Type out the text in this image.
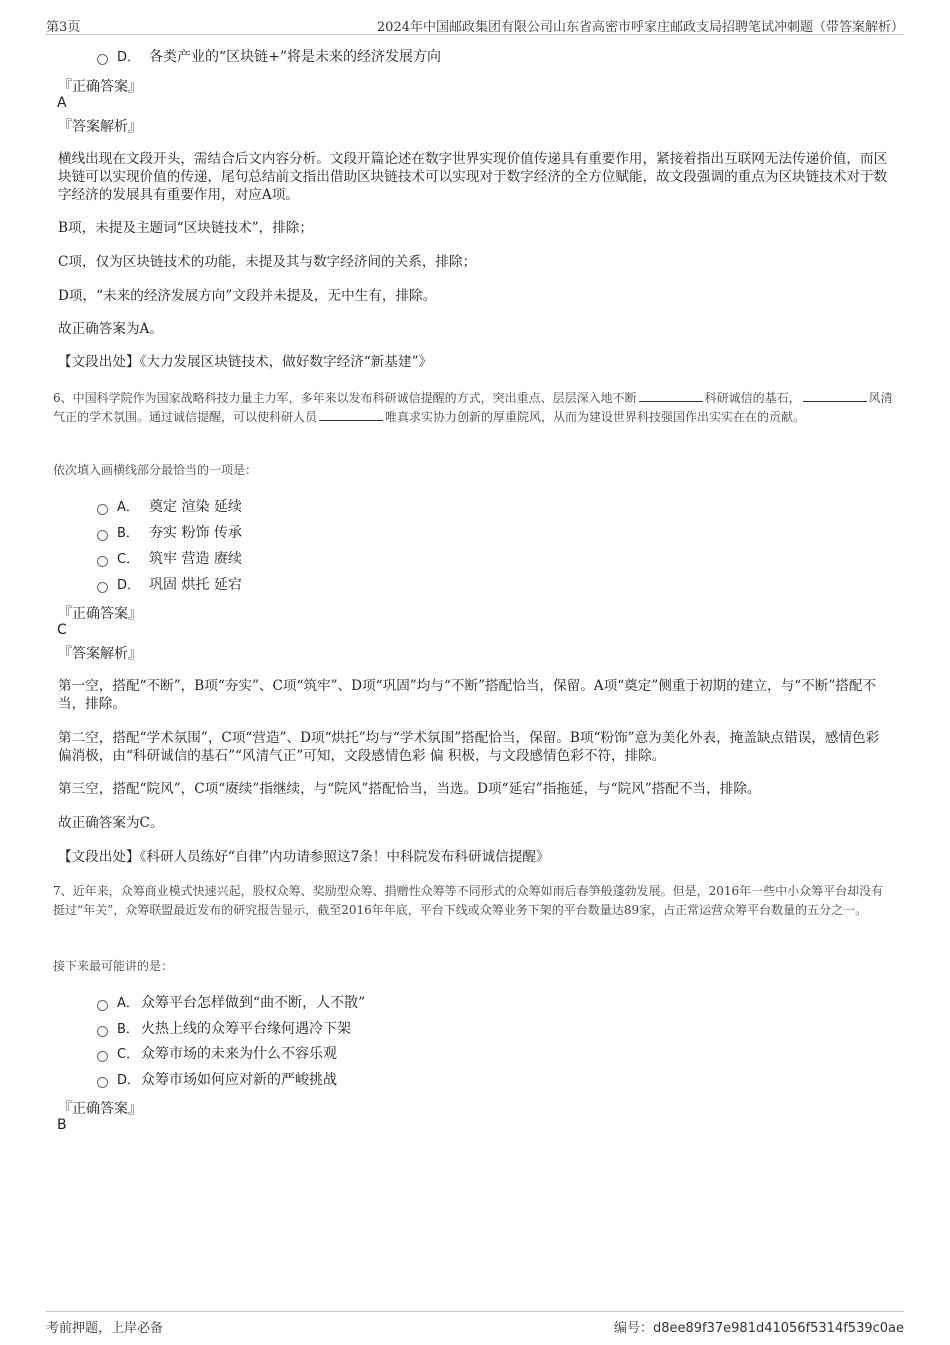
第3页	2024年中国邮政集团有限公司山东省高密市呼家庄邮政支局招聘笔试冲刺题（带答案解析）
D． 各类产业的“区块链+”将是未来的经济发展方向
『正确答案』
A
『答案解析』
横线出现在文段开头，需结合后文内容分析。文段开篇论述在数字世界实现价值传递具有重要作用，紧接着指出互联网无法传递价值，而区块链可以实现价值的传递，尾句总结前文指出借助区块链技术可以实现对于数字经济的全方位赋能，故文段强调的重点为区块链技术对于数字经济的发展具有重要作用，对应A项。
B项，未提及主题词“区块链技术”，排除；
C项，仅为区块链技术的功能，未提及其与数字经济间的关系，排除；
D项，“未来的经济发展方向”文段并未提及，无中生有，排除。
故正确答案为A。
【文段出处】《大力发展区块链技术，做好数字经济“新基建”》
6、中国科学院作为国家战略科技力量主力军，多年来以发布科研诚信提醒的方式，突出重点、层层深入地不断	科研诚信的基石，	风清气正的学术氛围。通过诚信提醒，可以使科研人员	唯真求实协力创新的厚重院风，从而为建设世界科技强国作出实实在在的贡献。
依次填入画横线部分最恰当的一项是：
A． 奠定 渲染 延续
B． 夯实 粉饰 传承
C． 筑牢 营造 赓续
D． 巩固 烘托 延宕
『正确答案』
C
『答案解析』
第一空，搭配“不断”，B项“夯实”、C项“筑牢”、D项“巩固”均与“不断”搭配恰当，保留。A项“奠定”侧重于初期的建立，与“不断”搭配不当，排除。
第二空，搭配“学术氛围”，C项“营造”、D项“烘托”均与“学术氛围”搭配恰当，保留。B项“粉饰”意为美化外表，掩盖缺点错误，感情色彩偏消极，由“科研诚信的基石”“风清气正”可知，文段感情色彩 偏 积极，与文段感情色彩不符，排除。
第三空，搭配“院风”，C项“赓续”指继续，与“院风”搭配恰当，当选。D项“延宕”指拖延，与“院风”搭配不当，排除。
故正确答案为C。
【文段出处】《科研人员练好“自律”内功请参照这7条！中科院发布科研诚信提醒》
7、近年来，众筹商业模式快速兴起，股权众筹、奖励型众筹、捐赠性众筹等不同形式的众筹如雨后春笋般蓬勃发展。但是，2016年一些中小众筹平台却没有挺过“年关”，众筹联盟最近发布的研究报告显示，截至2016年年底，平台下线或众筹业务下架的平台数量达89家，占正常运营众筹平台数量的五分之一。
接下来最可能讲的是：
A． 众筹平台怎样做到“曲不断，人不散”
B． 火热上线的众筹平台缘何遇冷下架
C． 众筹市场的未来为什么不容乐观
D．众筹市场如何应对新的严峻挑战
『正确答案』
B
考前押题，上岸必备	编号：d8ee89f37e981d41056f5314f539c0ae
